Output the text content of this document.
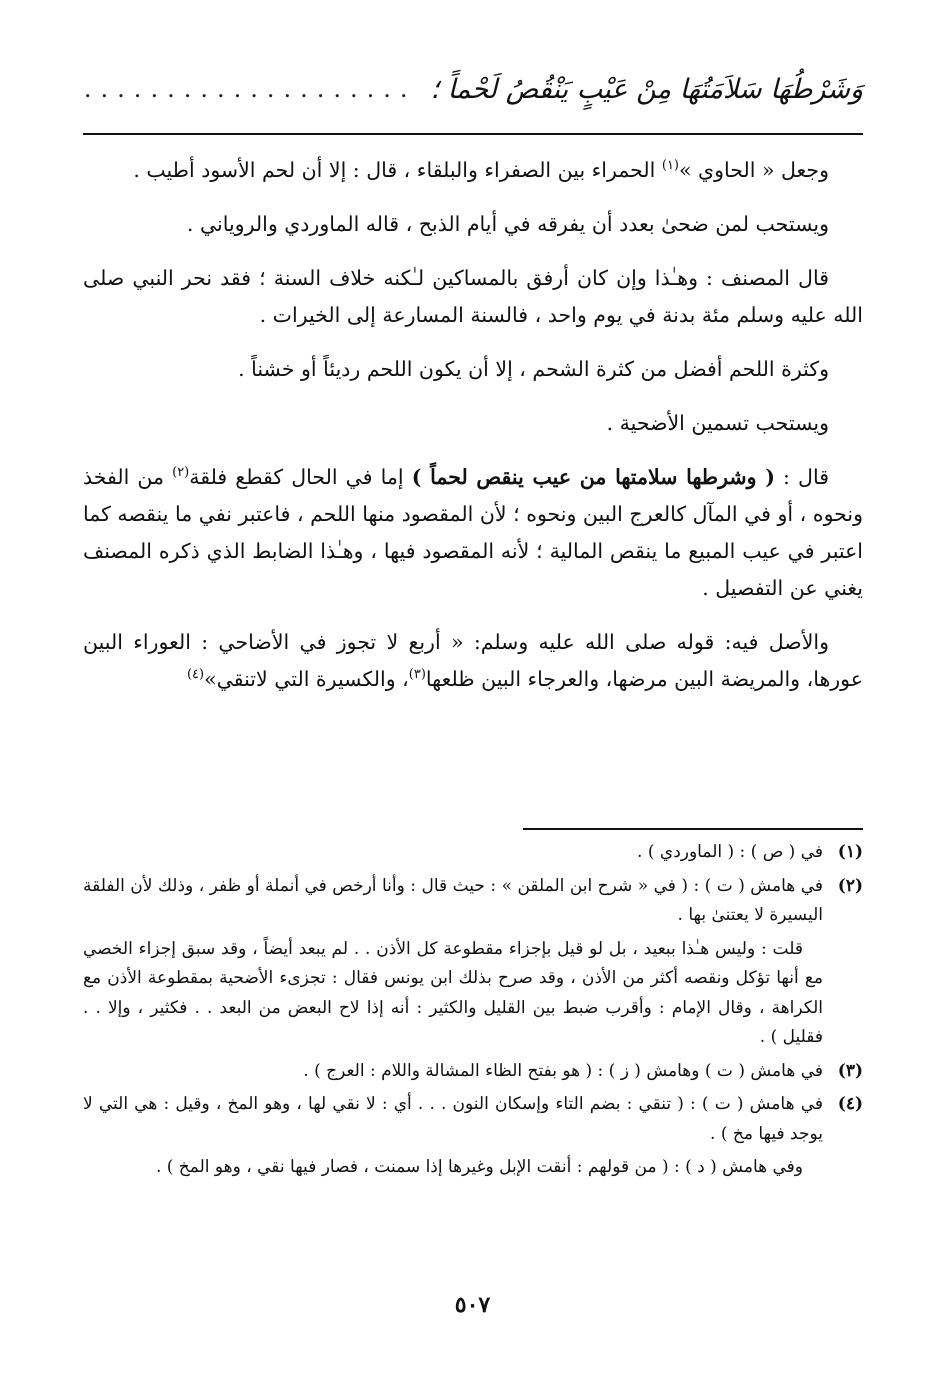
وَشَرْطُهَا سَلاَمَتُهَا مِنْ عَيْبٍ يَنْقُصُ لَحْماً ؛
....................

وجعل « الحاوي »$^{(١)}$ الحمراء بين الصفراء والبلقاء ، قال : إلا أن لحم الأسود أطيب .

ويستحب لمن ضحىٰ بعدد أن يفرقه في أيام الذبح ، قاله الماوردي والروياني .

قال المصنف : وهـٰذا وإن كان أرفق بالمساكين لـٰكنه خلاف السنة ؛ فقد نحر النبي صلى الله عليه وسلم مئة بدنة في يوم واحد ، فالسنة المسارعة إلى الخيرات .

وكثرة اللحم أفضل من كثرة الشحم ، إلا أن يكون اللحم رديئاً أو خشناً .

ويستحب تسمين الأضحية .

قال : ( وشرطها سلامتها من عيب ينقص لحماً ) إما في الحال كقطع فلقة$^{(٢)}$ من الفخذ ونحوه ، أو في المآل كالعرج البين ونحوه ؛ لأن المقصود منها اللحم ، فاعتبر نفي ما ينقصه كما اعتبر في عيب المبيع ما ينقص المالية ؛ لأنه المقصود فيها ، وهـٰذا الضابط الذي ذكره المصنف يغني عن التفصيل .

والأصل فيه: قوله صلى الله عليه وسلم: « أربع لا تجوز في الأضاحي : العوراء البين عورها، والمريضة البين مرضها، والعرجاء البين ظلعها$^{(٣)}$، والكسيرة التي لاتنقي»$^{(٤)}$

(١)

في ( ص ) : ( الماوردي ) .

(٢)

في هامش ( ت ) : ( في « شرح ابن الملقن » : حيث قال : وأنا أرخص في أنملة أو ظفر ، وذلك لأن الفلقة اليسيرة لا يعتنىٰ بها .

قلت : وليس هـٰذا ببعيد ، بل لو قيل بإجزاء مقطوعة كل الأذن . . لم يبعد أيضاً ، وقد سبق إجزاء الخصي مع أنها تؤكل ونقصه أكثر من الأذن ، وقد صرح بذلك ابن يونس فقال : تجزىء الأضحية بمقطوعة الأذن مع الكراهة ، وقال الإمام : وأقرب ضبط بين القليل والكثير : أنه إذا لاح البعض من البعد . . فكثير ، وإلا . . فقليل ) .

(٣)

في هامش ( ت ) وهامش ( ز ) : ( هو بفتح الظاء المشالة واللام : العرج ) .

(٤)

في هامش ( ت ) : ( تنقي : بضم التاء وإسكان النون . . . أي : لا نقي لها ، وهو المخ ، وقيل : هي التي لا يوجد فيها مخ ) .

وفي هامش ( د ) : ( من قولهم : أنقت الإبل وغيرها إذا سمنت ، فصار فيها نقي ، وهو المخ ) .

٥٠٧
